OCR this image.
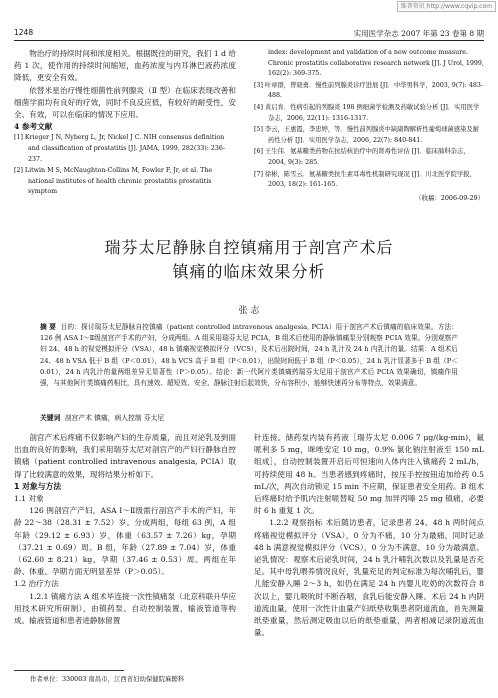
维普资讯 http://www.cqvip.com
1248	实用医学杂志 2007 年第 23 卷第 8 期

物治疗的持续时间和浓度相关。根据既往的研究，我们 1 d 给药 1 次，使作用的持续时间缩短，血药浓度与内耳淋巴液药浓度降低，更安全有效。

依替米星治疗慢性细菌性前列腺炎（Ⅱ 型）在临床表现改善和细菌学面均有良好的疗效，同时不良反应低，有较好的耐受性，安全、有效，可以在临床的情况下应用。

4 参考文献

[1] Krieger J N, Nyberg L, Jr, Nickel J C. NIH consensus definition and classification of prostatitis [J]. JAMA, 1999, 282(33): 236-237.

[2] Litwin M S, McNaughton-Collins M, Fowler F, Jr, et al. The national institutes of health chronic prostatitis prostatitis symptom

index: development and validation of a new outcome measure. Chronic prostatitis collaborative research network [J]. J Urol, 1999, 162(2): 369-375.

[3] 叶章群，曾晓勇．慢性前列腺炎诊疗进展 [J]．中华男科学，2003, 9(7): 483-488.

[4] 黄启育．性病引起的列腺炎 198 例细菌学检测及药敏试验分析 [J]．实用医学杂志，2006, 22(11): 1316-1317.

[5] 李云，王惠霞，李忠婷，等．慢性前列腺炎中缺副陶解析性葡萄球菌感染及耐药性分析 [J]．实用医学杂志，2006, 22(7): 840-841.

[6] 王生伟．氨基糖类药物在抗结核治疗中的肾毒性评估 [J]．临床肺科杂志，2004, 9(3): 285.

[7] 徐彬，陈雪云．氨基糖类抗生素耳毒性机制研究现况 [J]．川北医学院学报，2003, 18(2): 161-165.

（收稿：2006-09-29）
瑞芬太尼静脉自控镇痛用于剖宫产术后
镇痛的临床效果分析
张 志
摘 要 目的：探讨瑞芬太尼静脉自控镇痛（patient controlled intravenous analgesia, PCIA）用于剖宫产术后镇痛的临床效果。方法：126 例 ASA Ⅰ～Ⅱ级剖宫产手术的产妇，分成两组。A 组采用瑞芬太尼 PCIA，B 组术后使用的静脉镇痛泵分别观察 PCIA 效果。分别观察产妇 24、48 h 的视觉模拟评分（VSA），48 h 镇痛视觉模拟评分（VCS），及术后出院时间，24 h 乳汁及 24 h 内乳汁的量。结果：A 组术后 24、48 h VSA 低于 B 组（P＜0.01），48 h VCS 高于 B 组（P＜0.01），出院时间低于 B 组（P＜0.05），24 h 乳汁显著多于 B 组（P＜0.01），24 h 内乳汁的量两组差异无显著性（P＞0.05）。结论：新一代阿片类镇痛药瑞芬太尼用于剖宫产术后 PCIA 效果确切，镇痛作用强，与其他阿片类镇痛药相比，具有速效、超短效、安全、静脉注射后起效快，分布容积小，能够快速再分布等特点，效果满意。
关键词 剖宫产术 镇痛，病人控制 芬太尼

剖宫产术后疼痛不仅影响产妇的生存质量，而且对泌乳及到面出血的良好的影响，我们采用瑞芬太尼对剖宫产的产妇行静脉自控镇痛（patient controlled intravenous analgesia, PCIA）取得了比较满意的效果，现将结果分析如下。

1 对象与方法

1.1 对象

126 例剖宫产产妇，ASA Ⅰ～Ⅱ级需行剖宫产手术的产妇，年龄 22～38（28.31 ± 7.52）岁。分成两组，每组 63 例，A 组年龄（29.12 ± 6.93）岁，体重（63.57 ± 7.26）kg，孕期（37.21 ± 0.69）周。B 组，年龄（27.89 ± 7.04）岁，体重（62.60 ± 8.21）kg，孕期（37.46 ± 0.53）周。两组在年龄、体重、孕期方面无明显差异（P＞0.05）。

1.2 治疗方法

1.2.1 镇痛方法 A 组术毕连接一次性镇痛泵（北京科联升华应用技术研究所研制），由镇药泵、自动控制装置、输液管道等构成。输液管道和患者进静脉留置

针连接。储药泵内装有药液［瑞芬太尼 0.006 7 μg/(kg·min)，氟哌利多 5 mg，咪唑安定 10 mg，0.9% 氯化钠注射液至 150 mL 组成］，自动控制装置开启后可恒速向人体内注入镇痛药 2 mL/h，可持续使用 48 h。当患者感到疼痛时，按压手控按钮追加给药 0.5 mL/次，两次自动锁定 15 min 不应期，保证患者安全用药。B 组术后疼痛时给予肌内注射哌替啶 50 mg 加异丙嗪 25 mg 镇痛，必要时 6 h 重复 1 次。

1.2.2 观察指标 术后随访患者，记录患者 24、48 h 两时间点疼痛视觉模拟评分（VSA），0 分为不痛，10 分为最痛，同时记录 48 h 满意视觉模拟评分（VCS），0 分为不满意，10 分为最满意。泌乳情况：观察术后泌乳时间，24 h 乳汁哺乳次数以及乳量是否充足。其中母乳喂养情况良好，乳量充足的判定标准为每次哺乳后，婴儿能安静入睡 2～3 h，如仍在满足 24 h 内婴儿吃奶的次数符合 8 次以上，婴儿吸吮时不断吞咽，食乳后能安静入睡。术后 24 h 内阴道流血量，使用一次性计血量产妇纸垫收集患者阴道流血，首先测量纸垫重量，然后测定吸血以后的纸垫重量，两者相减记录阴道流血量。

作者单位：330003 南昌市，江西省妇幼保健院麻醉科
